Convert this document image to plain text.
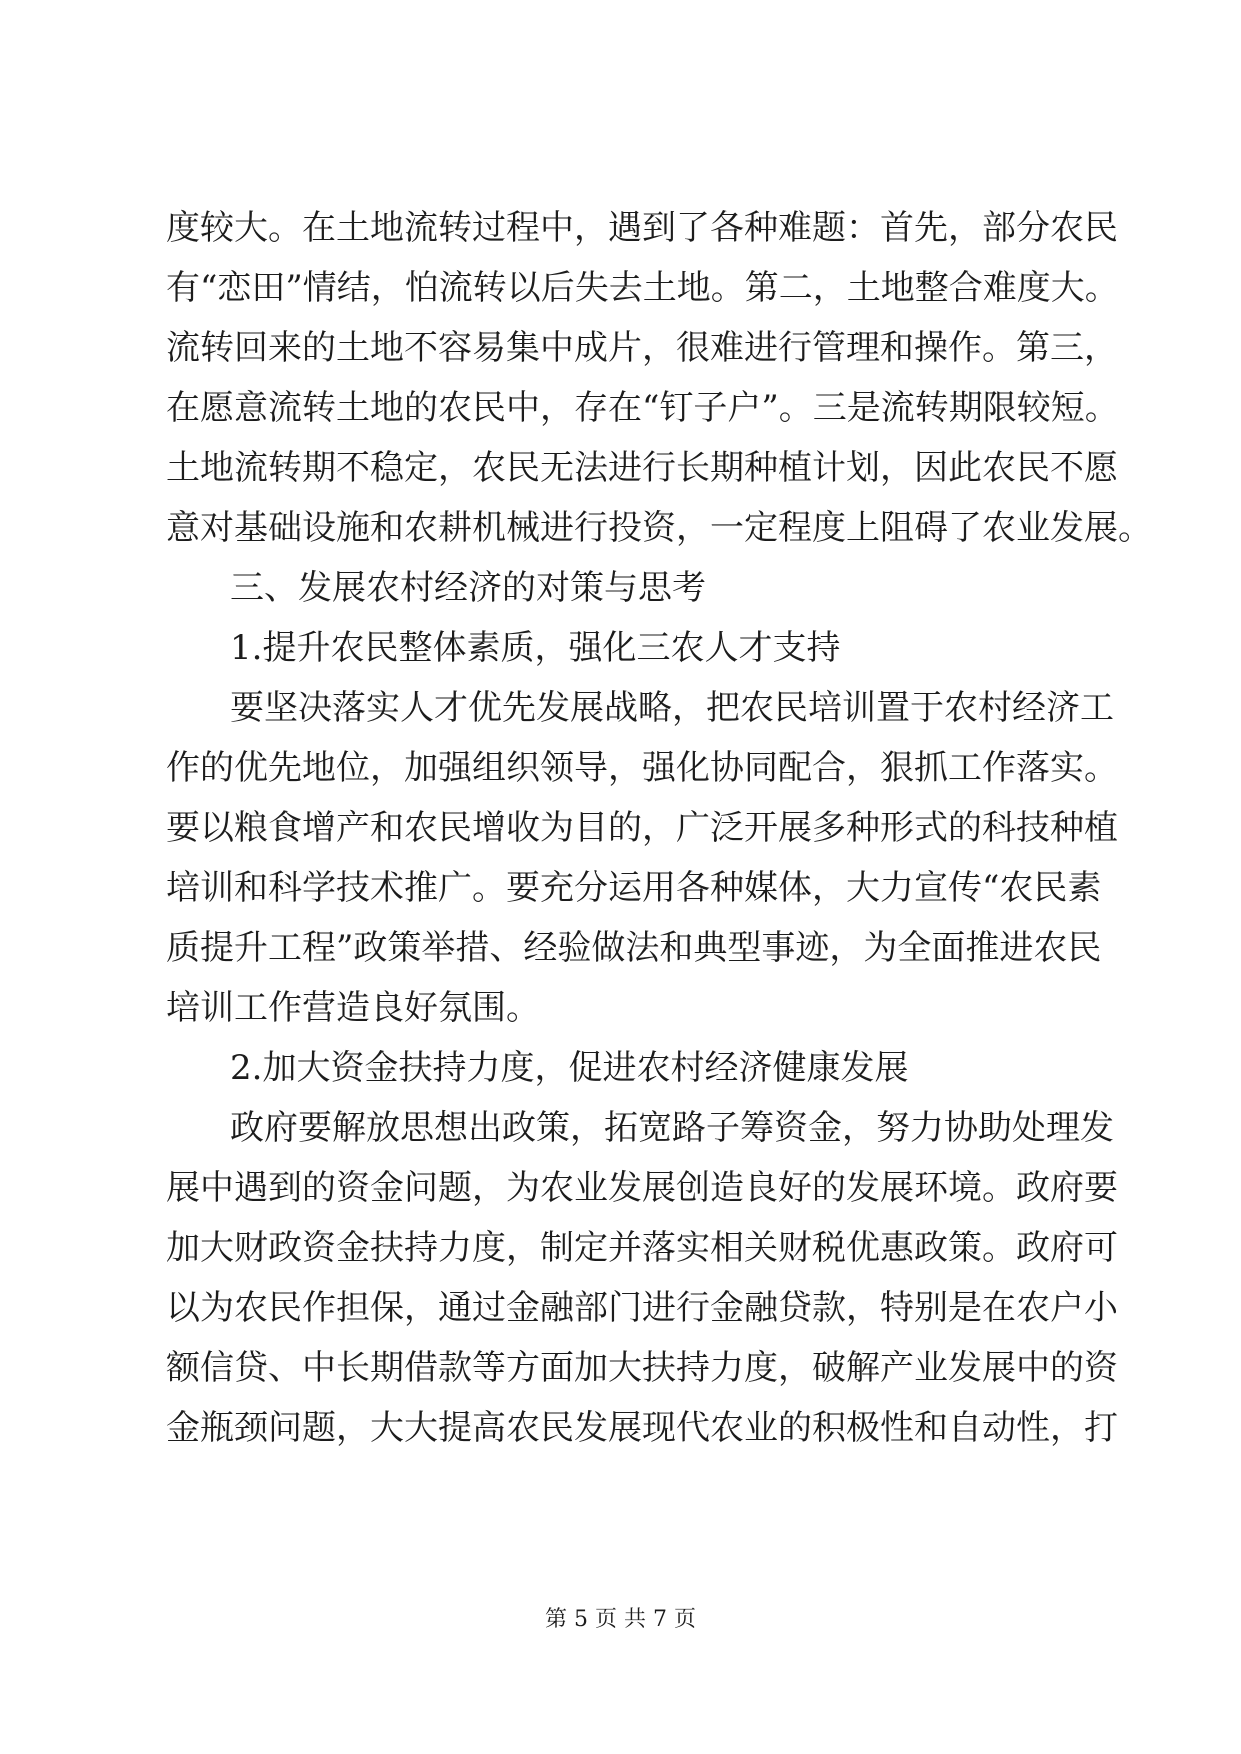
度较大。在土地流转过程中，遇到了各种难题：首先，部分农民
有“恋田”情结，怕流转以后失去土地。第二，土地整合难度大。
流转回来的土地不容易集中成片，很难进行管理和操作。第三，
在愿意流转土地的农民中，存在“钉子户”。三是流转期限较短。
土地流转期不稳定，农民无法进行长期种植计划，因此农民不愿
意对基础设施和农耕机械进行投资，一定程度上阻碍了农业发展。
三、发展农村经济的对策与思考
1.提升农民整体素质，强化三农人才支持
要坚决落实人才优先发展战略，把农民培训置于农村经济工
作的优先地位，加强组织领导，强化协同配合，狠抓工作落实。
要以粮食增产和农民增收为目的，广泛开展多种形式的科技种植
培训和科学技术推广。要充分运用各种媒体，大力宣传“农民素
质提升工程”政策举措、经验做法和典型事迹，为全面推进农民
培训工作营造良好氛围。
2.加大资金扶持力度，促进农村经济健康发展
政府要解放思想出政策，拓宽路子筹资金，努力协助处理发
展中遇到的资金问题，为农业发展创造良好的发展环境。政府要
加大财政资金扶持力度，制定并落实相关财税优惠政策。政府可
以为农民作担保，通过金融部门进行金融贷款，特别是在农户小
额信贷、中长期借款等方面加大扶持力度，破解产业发展中的资
金瓶颈问题，大大提高农民发展现代农业的积极性和自动性，打
第 5 页 共 7 页
